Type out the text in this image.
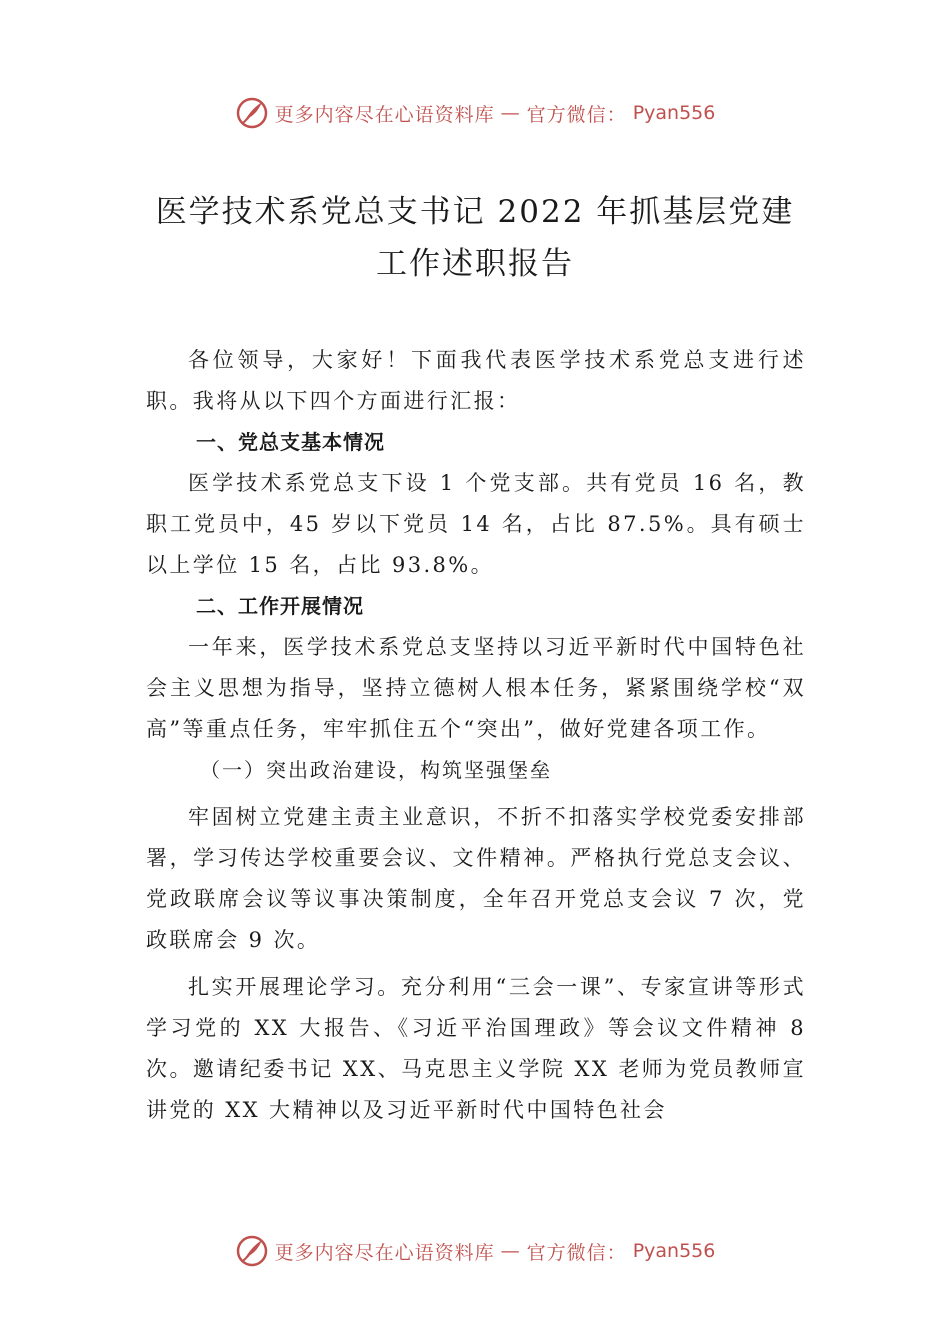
更多内容尽在心语资料库 — 官方微信： Pyan556
医学技术系党总支书记 2022 年抓基层党建
工作述职报告

各位领导，大家好！下面我代表医学技术系党总支进行述职。我将从以下四个方面进行汇报：

一、党总支基本情况

医学技术系党总支下设 1 个党支部。共有党员 16 名，教职工党员中，45 岁以下党员 14 名，占比 87.5%。具有硕士以上学位 15 名，占比 93.8%。

二、工作开展情况

一年来，医学技术系党总支坚持以习近平新时代中国特色社会主义思想为指导，坚持立德树人根本任务，紧紧围绕学校“双高”等重点任务，牢牢抓住五个“突出”，做好党建各项工作。

（一）突出政治建设，构筑坚强堡垒

牢固树立党建主责主业意识，不折不扣落实学校党委安排部署，学习传达学校重要会议、文件精神。严格执行党总支会议、党政联席会议等议事决策制度，全年召开党总支会议 7 次，党政联席会 9 次。

扎实开展理论学习。充分利用“三会一课”、专家宣讲等形式学习党的 XX 大报告、《习近平治国理政》等会议文件精神 8 次。邀请纪委书记 XX、马克思主义学院 XX 老师为党员教师宣讲党的 XX 大精神以及习近平新时代中国特色社会

更多内容尽在心语资料库 — 官方微信： Pyan556
